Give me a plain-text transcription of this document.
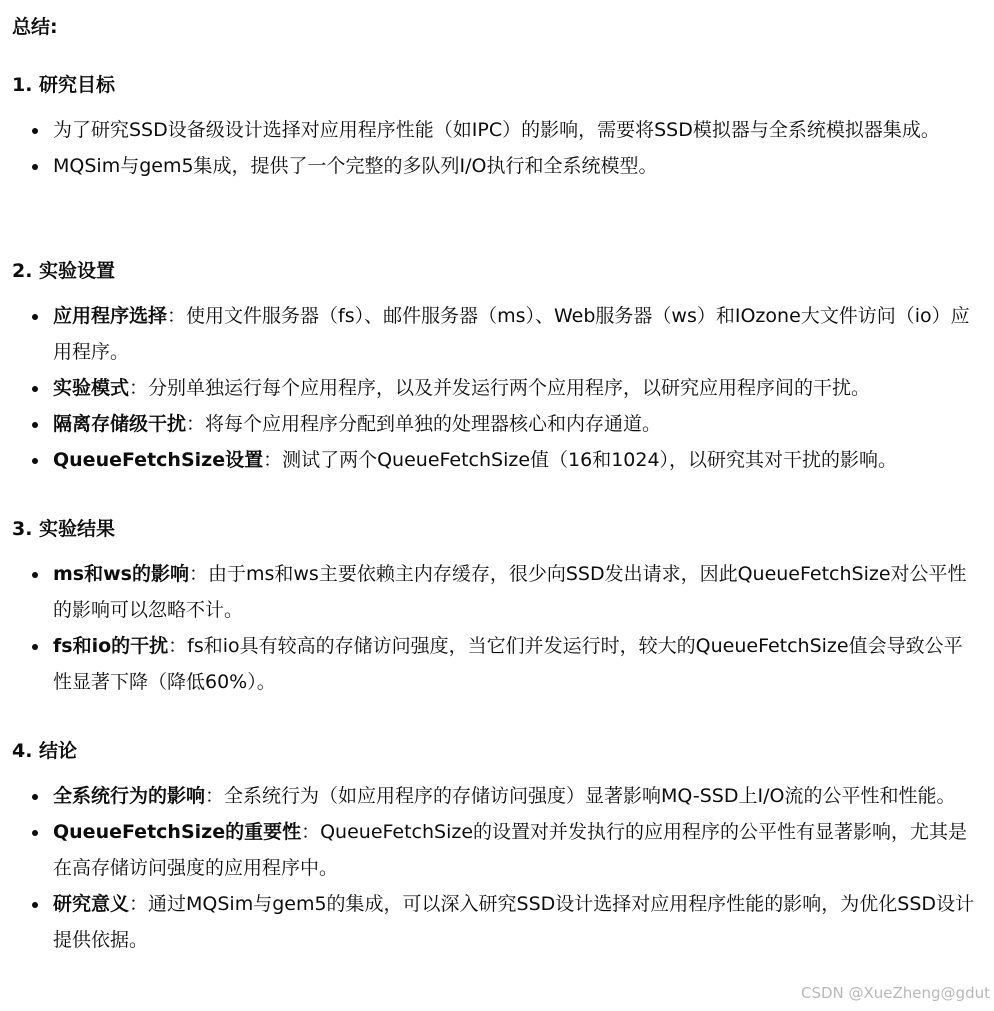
总结:
1. 研究目标
为了研究SSD设备级设计选择对应用程序性能（如IPC）的影响，需要将SSD模拟器与全系统模拟器集成。
MQSim与gem5集成，提供了一个完整的多队列I/O执行和全系统模型。
2. 实验设置
应用程序选择：使用文件服务器（fs）、邮件服务器（ms）、Web服务器（ws）和IOzone大文件访问（io）应用程序。
实验模式：分别单独运行每个应用程序，以及并发运行两个应用程序，以研究应用程序间的干扰。
隔离存储级干扰：将每个应用程序分配到单独的处理器核心和内存通道。
QueueFetchSize设置：测试了两个QueueFetchSize值（16和1024），以研究其对干扰的影响。
3. 实验结果
ms和ws的影响：由于ms和ws主要依赖主内存缓存，很少向SSD发出请求，因此QueueFetchSize对公平性的影响可以忽略不计。
fs和io的干扰：fs和io具有较高的存储访问强度，当它们并发运行时，较大的QueueFetchSize值会导致公平性显著下降（降低60%）。
4. 结论
全系统行为的影响：全系统行为（如应用程序的存储访问强度）显著影响MQ-SSD上I/O流的公平性和性能。
QueueFetchSize的重要性：QueueFetchSize的设置对并发执行的应用程序的公平性有显著影响，尤其是在高存储访问强度的应用程序中。
研究意义：通过MQSim与gem5的集成，可以深入研究SSD设计选择对应用程序性能的影响，为优化SSD设计提供依据。
CSDN @XueZheng@gdut
